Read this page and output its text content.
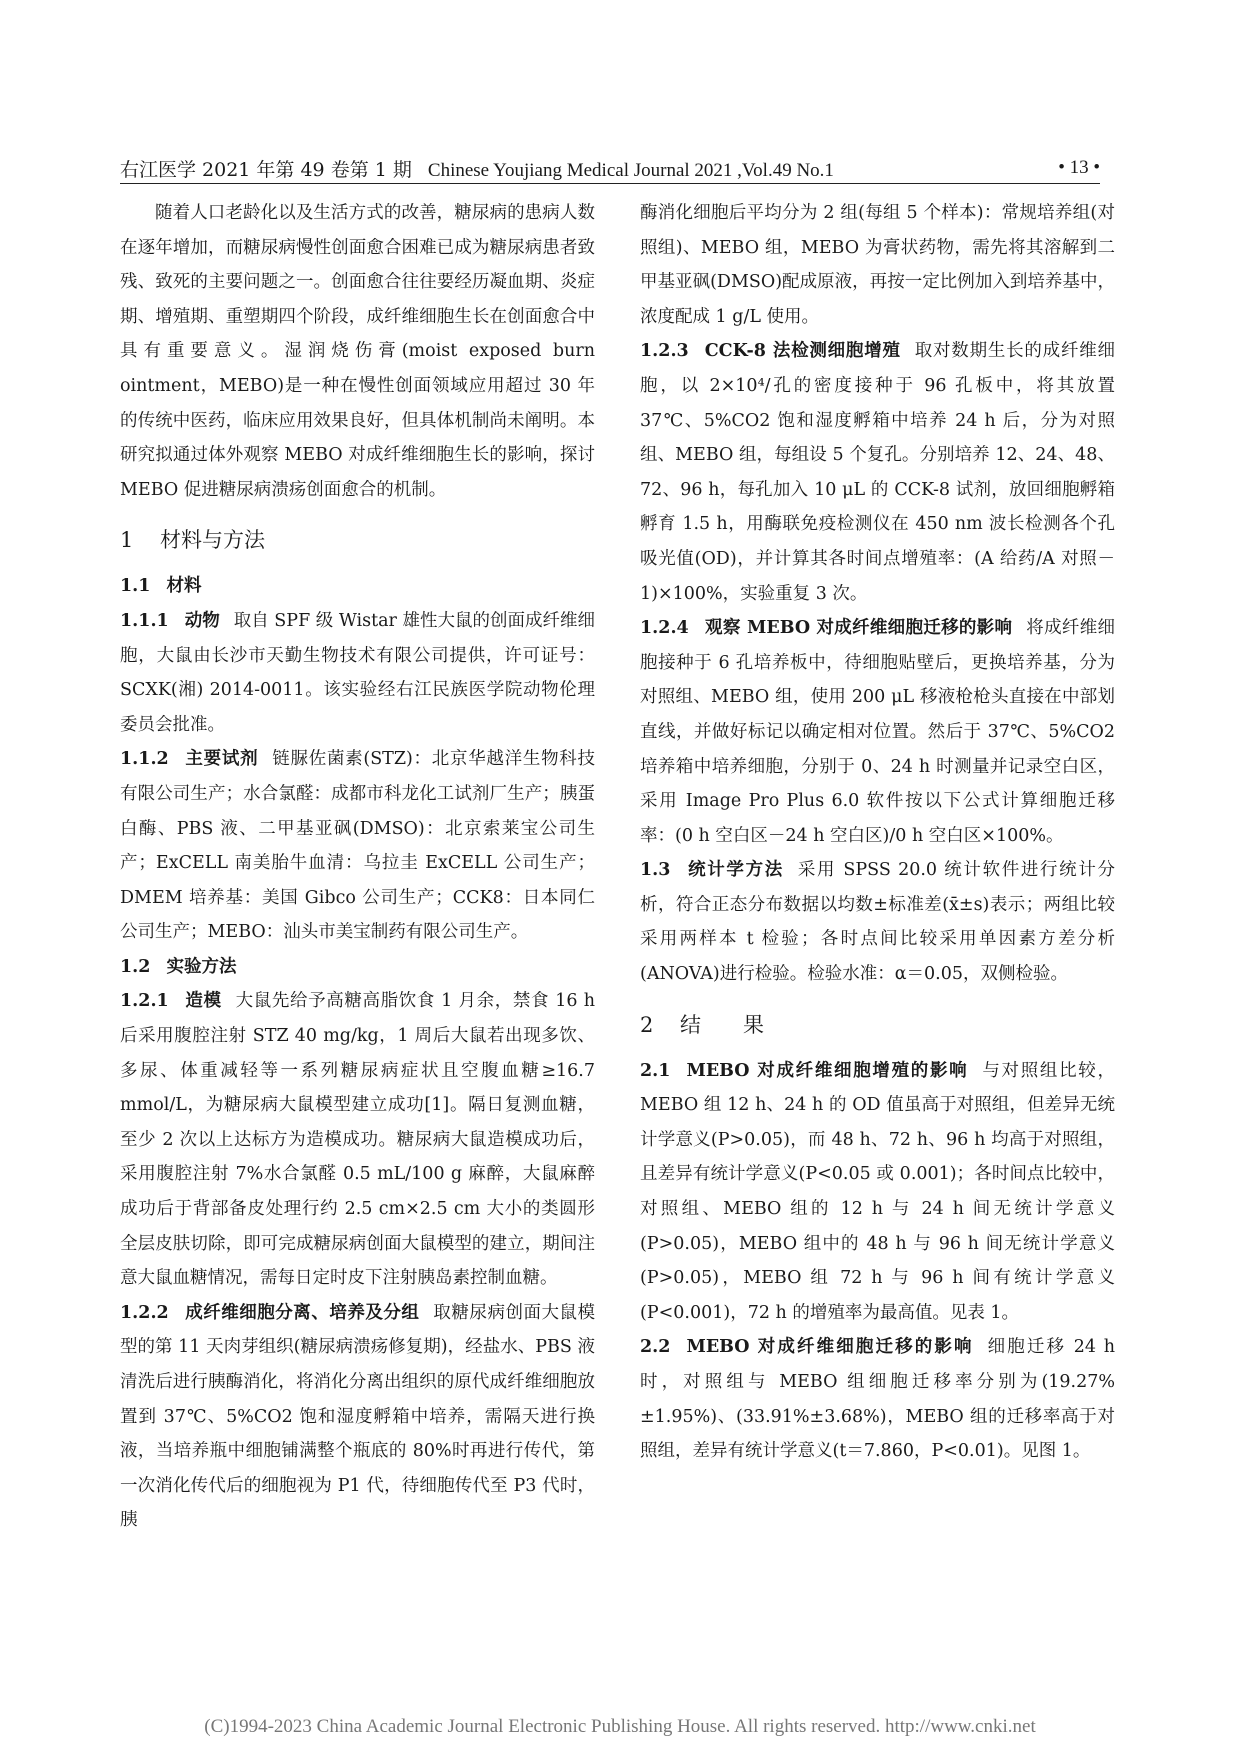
右江医学 2021 年第 49 卷第 1 期 Chinese Youjiang Medical Journal 2021 ,Vol.49 No.1	• 13 •

随着人口老龄化以及生活方式的改善，糖尿病的患病人数在逐年增加，而糖尿病慢性创面愈合困难已成为糖尿病患者致残、致死的主要问题之一。创面愈合往往要经历凝血期、炎症期、增殖期、重塑期四个阶段，成纤维细胞生长在创面愈合中具有重要意义。湿润烧伤膏(moist exposed burn ointment，MEBO)是一种在慢性创面领域应用超过 30 年的传统中医药，临床应用效果良好，但具体机制尚未阐明。本研究拟通过体外观察 MEBO 对成纤维细胞生长的影响，探讨 MEBO 促进糖尿病溃疡创面愈合的机制。

1 材料与方法

1.1 材料

1.1.1 动物 取自 SPF 级 Wistar 雄性大鼠的创面成纤维细胞，大鼠由长沙市天勤生物技术有限公司提供，许可证号：SCXK(湘) 2014-0011。该实验经右江民族医学院动物伦理委员会批准。

1.1.2 主要试剂 链脲佐菌素(STZ)：北京华越洋生物科技有限公司生产；水合氯醛：成都市科龙化工试剂厂生产；胰蛋白酶、PBS 液、二甲基亚砜(DMSO)：北京索莱宝公司生产；ExCELL 南美胎牛血清：乌拉圭 ExCELL 公司生产；DMEM 培养基：美国 Gibco 公司生产；CCK8：日本同仁公司生产；MEBO：汕头市美宝制药有限公司生产。

1.2 实验方法

1.2.1 造模 大鼠先给予高糖高脂饮食 1 月余，禁食 16 h 后采用腹腔注射 STZ 40 mg/kg，1 周后大鼠若出现多饮、多尿、体重减轻等一系列糖尿病症状且空腹血糖≥16.7 mmol/L，为糖尿病大鼠模型建立成功[1]。隔日复测血糖，至少 2 次以上达标方为造模成功。糖尿病大鼠造模成功后，采用腹腔注射 7%水合氯醛 0.5 mL/100 g 麻醉，大鼠麻醉成功后于背部备皮处理行约 2.5 cm×2.5 cm 大小的类圆形全层皮肤切除，即可完成糖尿病创面大鼠模型的建立，期间注意大鼠血糖情况，需每日定时皮下注射胰岛素控制血糖。

1.2.2 成纤维细胞分离、培养及分组 取糖尿病创面大鼠模型的第 11 天肉芽组织(糖尿病溃疡修复期)，经盐水、PBS 液清洗后进行胰酶消化，将消化分离出组织的原代成纤维细胞放置到 37℃、5%CO2 饱和湿度孵箱中培养，需隔天进行换液，当培养瓶中细胞铺满整个瓶底的 80%时再进行传代，第一次消化传代后的细胞视为 P1 代，待细胞传代至 P3 代时，胰

酶消化细胞后平均分为 2 组(每组 5 个样本)：常规培养组(对照组)、MEBO 组，MEBO 为膏状药物，需先将其溶解到二甲基亚砜(DMSO)配成原液，再按一定比例加入到培养基中，浓度配成 1 g/L 使用。

1.2.3 CCK-8 法检测细胞增殖 取对数期生长的成纤维细胞，以 2×10⁴/孔的密度接种于 96 孔板中，将其放置 37℃、5%CO2 饱和湿度孵箱中培养 24 h 后，分为对照组、MEBO 组，每组设 5 个复孔。分别培养 12、24、48、72、96 h，每孔加入 10 μL 的 CCK-8 试剂，放回细胞孵箱孵育 1.5 h，用酶联免疫检测仪在 450 nm 波长检测各个孔吸光值(OD)，并计算其各时间点增殖率：(A 给药/A 对照－1)×100%，实验重复 3 次。

1.2.4 观察 MEBO 对成纤维细胞迁移的影响 将成纤维细胞接种于 6 孔培养板中，待细胞贴壁后，更换培养基，分为对照组、MEBO 组，使用 200 μL 移液枪枪头直接在中部划直线，并做好标记以确定相对位置。然后于 37℃、5%CO2 培养箱中培养细胞，分别于 0、24 h 时测量并记录空白区，采用 Image Pro Plus 6.0 软件按以下公式计算细胞迁移率：(0 h 空白区－24 h 空白区)/0 h 空白区×100%。

1.3 统计学方法 采用 SPSS 20.0 统计软件进行统计分析，符合正态分布数据以均数±标准差(x̄±s)表示；两组比较采用两样本 t 检验；各时点间比较采用单因素方差分析(ANOVA)进行检验。检验水准：α＝0.05，双侧检验。

2 结　　果

2.1 MEBO 对成纤维细胞增殖的影响 与对照组比较，MEBO 组 12 h、24 h 的 OD 值虽高于对照组，但差异无统计学意义(P>0.05)，而 48 h、72 h、96 h 均高于对照组，且差异有统计学意义(P<0.05 或 0.001)；各时间点比较中，对照组、MEBO 组的 12 h 与 24 h 间无统计学意义(P>0.05)，MEBO 组中的 48 h 与 96 h 间无统计学意义(P>0.05)，MEBO 组 72 h 与 96 h 间有统计学意义(P<0.001)，72 h 的增殖率为最高值。见表 1。

2.2 MEBO 对成纤维细胞迁移的影响 细胞迁移 24 h 时，对照组与 MEBO 组细胞迁移率分别为(19.27%±1.95%)、(33.91%±3.68%)，MEBO 组的迁移率高于对照组，差异有统计学意义(t＝7.860，P<0.01)。见图 1。

(C)1994-2023 China Academic Journal Electronic Publishing House. All rights reserved. http://www.cnki.net
